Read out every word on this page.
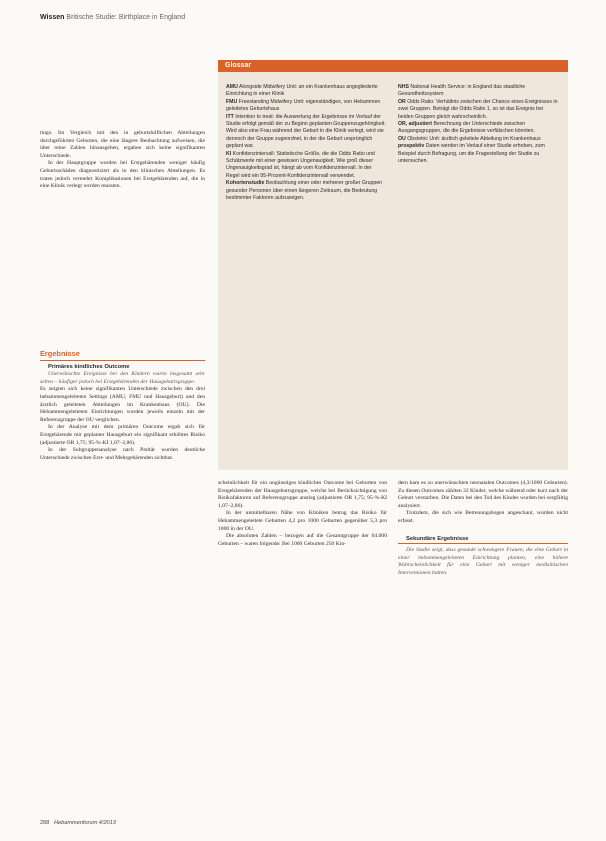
Wissen Britische Studie: Birthplace in England
Glossar

AMU Alongside Midwifery Unit: an ein Krankenhaus angegliederte Einrichtung in einer Klinik

FMU Freestanding Midwifery Unit: eigenständiges, von Hebammen geleitetes Geburtshaus

ITT Intention to treat: die Auswertung der Ergebnisse im Verlauf der Studie erfolgt gemäß der zu Beginn geplanten Gruppenzugehörigkeit. Wird also eine Frau während der Geburt in die Klinik verlegt, wird sie dennoch der Gruppe zugeordnet, in der die Geburt ursprünglich geplant war.

KI Konfidenzintervall: Statistische Größe, die die Odds Ratio und Schätzwerte mit einer gewissen Ungenauigkeit. Wie groß dieser Ungenauigkeitsgrad ist, hängt ab vom Konfidenzintervall. In der Regel wird ein 95-Prozent-Konfidenzintervall verwendet.

Kohortenstudie Beobachtung einer oder mehrerer großer Gruppen gesunder Personen über einen längeren Zeitraum, die Bedeutung bestimmter Faktoren aufzuzeigen.

NHS National Health Service: in England das staatliche Gesundheitssystem

OR Odds Ratio: Verhältnis zwischen der Chance eines Ereignisses in zwei Gruppen. Beträgt die Odds Ratio 1, so ist das Ereignis bei beiden Gruppen gleich wahrscheinlich.

OR, adjustiert Berechnung der Unterschiede zwischen Ausgangsgruppen, die die Ergebnisse verfälschen könnten.

OU Obstetric Unit: ärztlich geleitete Abteilung im Krankenhaus

prospektiv Daten werden im Verlauf einer Studie erhoben, zum Beispiel durch Befragung, um die Fragestellung der Studie zu untersuchen.

tings. Im Vergleich mit den in geburtshilflichen Abteilungen durchgeführten Geburten, die eine längere Beobachtung aufweisen, die über reine Zahlen hinausgehen, ergaben sich keine signifikanten Unterschiede.

In der Hauptgruppe wurden bei Erstgebärenden weniger häufig Geburtsschäden diagnostiziert als in den klinischen Abteilungen. Es traten jedoch vermehrt Komplikationen bei Erstgebärenden auf, die in eine Klinik verlegt werden mussten.

Ergebnisse

Primäres kindliches Outcome

Unerwünschte Ereignisse bei den Kindern waren insgesamt sehr selten – häufiger jedoch bei Erstgebärenden der Hausgeburtsgruppe.

Es zeigten sich keine signifikanten Unterschiede zwischen den drei hebammengeleiteten Settings (AMU, FMU und Hausgeburt) und den ärztlich geleiteten Abteilungen im Krankenhaus (OU). Die Hebammengeleiteten Einrichtungen wurden jeweils einzeln mit der Referenzgruppe der OU verglichen.

In der Analyse mit dem primären Outcome ergab sich für Erstgebärende mit geplanter Hausgeburt ein signifikant erhöhtes Risiko (adjustierte OR 1,75; 95-%-KI 1,07–2,86).

In der Subgruppenanalyse nach Parität wurden deutliche Unterschiede zwischen Erst- und Mehrgebärenden sichtbar.

scheinlichkeit für ein ungünstiges kindliches Outcome bei Geburten von Erstgebärenden der Hausgeburtsgruppe, welche bei Berücksichtigung von Risikofaktoren auf Referenzgruppe anstieg (adjustierte OR 1,75; 95-%-KI 1,07–2,86).

In der unmittelbaren Nähe von Kliniken betrug das Risiko für Hebammengeleitete Geburten 4,2 pro 1000 Geburten gegenüber 5,3 pro 1000 in der OU.

Die absoluten Zahlen – bezogen auf die Gesamtgruppe der 64.000 Geburten – waren folgende: Bei 1000 Geburten 250 Kin-

dern kam es zu unerwünschten neonatalen Outcomes (4,3/1000 Geburten). Zu diesen Outcomes zählten 32 Kinder, welche während oder kurz nach der Geburt verstarben. Die Daten bei den Tod des Kindes wurden bei sorgfältig analysiert.

Trotzdem, die sich wie Betreuungsbogen angeschaut, wurden nicht erfasst.

Sekundäre Ergebnisse

Die Studie zeigt, dass gesunde schwangere Frauen, die eine Geburt in einer hebammengeleiteten Einrichtung planten, eine höhere Wahrscheinlichkeit für eine Geburt mit weniger medizinischen Interventionen hatten.

288 Hebammenforum 4/2013
